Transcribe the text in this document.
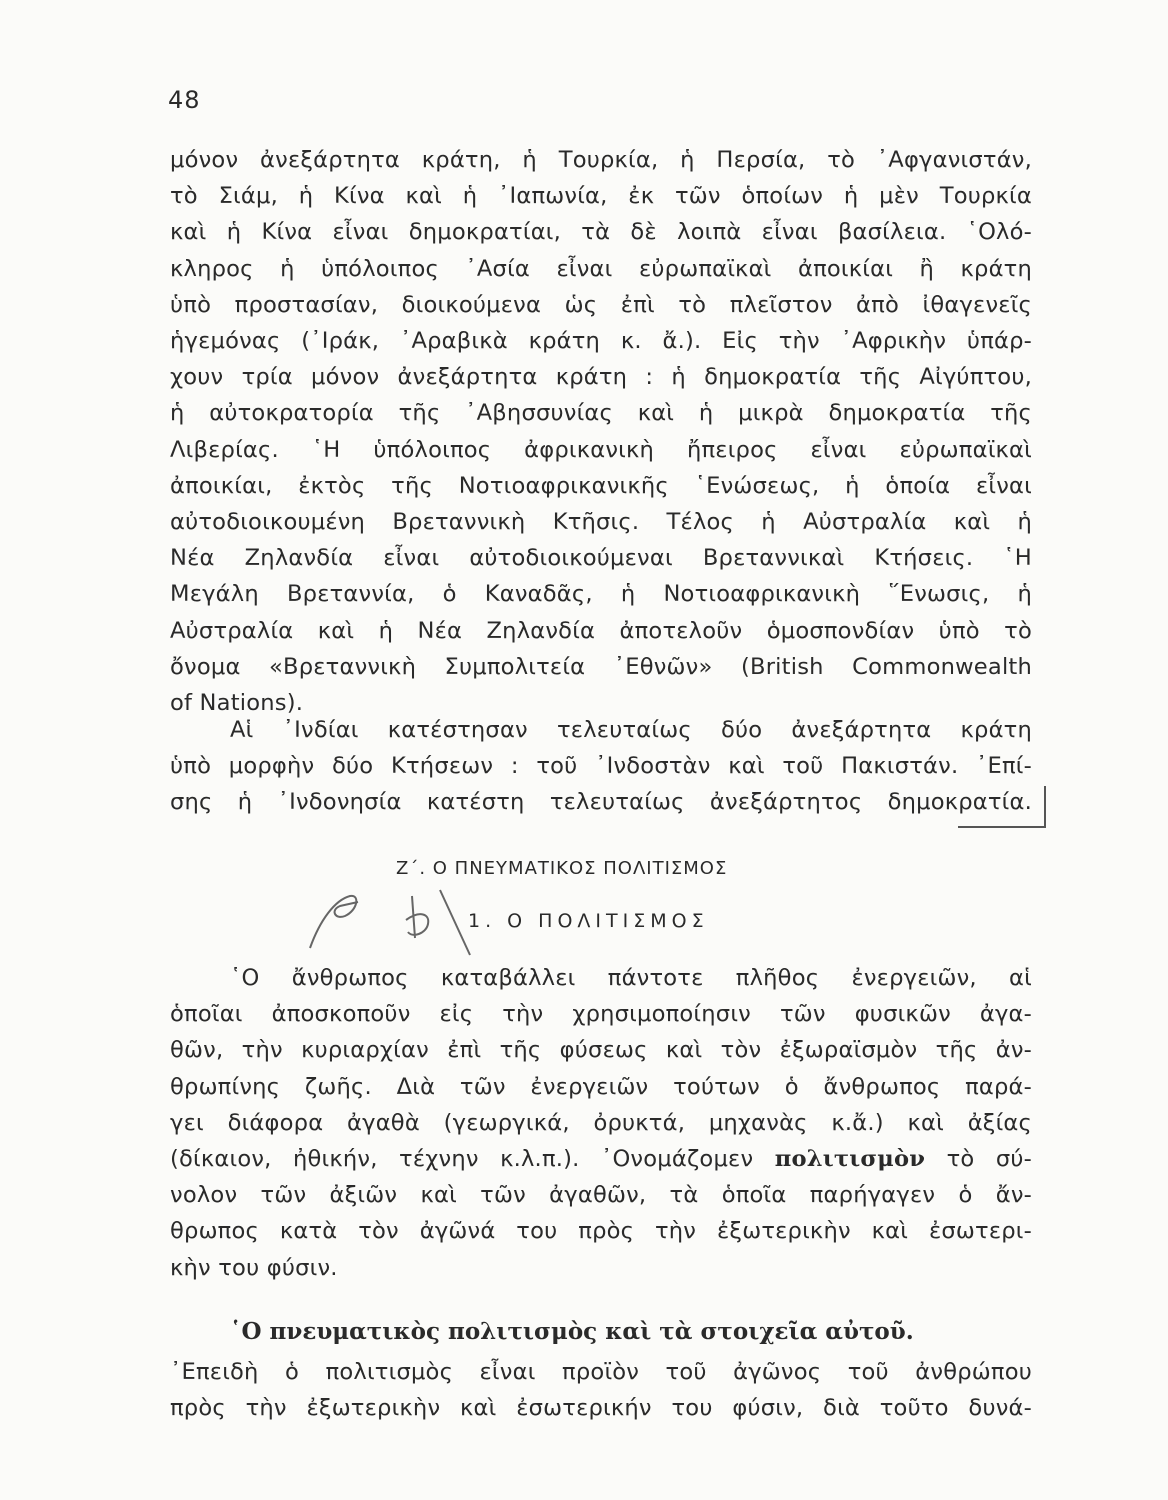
48

μόνον ἀνεξάρτητα κράτη, ἡ Τουρκία, ἡ Περσία, τὸ ᾿Αφγανιστάν,
τὸ Σιάμ, ἡ Κίνα καὶ ἡ ᾿Ιαπωνία, ἐκ τῶν ὁποίων ἡ μὲν Τουρκία
καὶ ἡ Κίνα εἶναι δημοκρατίαι, τὰ δὲ λοιπὰ εἶναι βασίλεια. ῾Ολό-
κληρος ἡ ὑπόλοιπος ᾿Ασία εἶναι εὐρωπαϊκαὶ ἀποικίαι ἢ κράτη
ὑπὸ προστασίαν, διοικούμενα ὡς ἐπὶ τὸ πλεῖστον ἀπὸ ἰθαγενεῖς
ἡγεμόνας (᾿Ιράκ, ᾿Αραβικὰ κράτη κ. ἄ.). Εἰς τὴν ᾿Αφρικὴν ὑπάρ-
χουν τρία μόνον ἀνεξάρτητα κράτη : ἡ δημοκρατία τῆς Αἰγύπτου,
ἡ αὐτοκρατορία τῆς ᾿Αβησσυνίας καὶ ἡ μικρὰ δημοκρατία τῆς
Λιβερίας. ῾Η ὑπόλοιπος ἀφρικανικὴ ἤπειρος εἶναι εὐρωπαϊκαὶ
ἀποικίαι, ἐκτὸς τῆς Νοτιοαφρικανικῆς ῾Ενώσεως, ἡ ὁποία εἶναι
αὐτοδιοικουμένη Βρεταννικὴ Κτῆσις. Τέλος ἡ Αὐστραλία καὶ ἡ
Νέα Ζηλανδία εἶναι αὐτοδιοικούμεναι Βρεταννικαὶ Κτήσεις. ῾Η
Μεγάλη Βρεταννία, ὁ Καναδᾶς, ἡ Νοτιοαφρικανικὴ ῞Ενωσις, ἡ
Αὐστραλία καὶ ἡ Νέα Ζηλανδία ἀποτελοῦν ὁμοσπονδίαν ὑπὸ τὸ
ὄνομα «Βρεταννικὴ Συμπολιτεία ᾿Εθνῶν» (British Commonwealth
of Nations).

Αἱ ᾿Ινδίαι κατέστησαν τελευταίως δύο ἀνεξάρτητα κράτη
ὑπὸ μορφὴν δύο Κτήσεων : τοῦ ᾿Ινδοστὰν καὶ τοῦ Πακιστάν. ᾿Επί-
σης ἡ ᾿Ινδονησία κατέστη τελευταίως ἀνεξάρτητος δημοκρατία.

Ζ΄. Ο ΠΝΕΥΜΑΤΙΚΟΣ ΠΟΛΙΤΙΣΜΟΣ
1. Ο ΠΟΛΙΤΙΣΜΟΣ

῾Ο ἄνθρωπος καταβάλλει πάντοτε πλῆθος ἐνεργειῶν, αἱ
ὁποῖαι ἀποσκοποῦν εἰς τὴν χρησιμοποίησιν τῶν φυσικῶν ἀγα-
θῶν, τὴν κυριαρχίαν ἐπὶ τῆς φύσεως καὶ τὸν ἐξωραϊσμὸν τῆς ἀν-
θρωπίνης ζωῆς. Διὰ τῶν ἐνεργειῶν τούτων ὁ ἄνθρωπος παρά-
γει διάφορα ἀγαθὰ (γεωργικά, ὀρυκτά, μηχανὰς κ.ἄ.) καὶ ἀξίας
(δίκαιον, ἠθικήν, τέχνην κ.λ.π.). ᾿Ονομάζομεν πολιτισμὸν τὸ σύ-
νολον τῶν ἀξιῶν καὶ τῶν ἀγαθῶν, τὰ ὁποῖα παρήγαγεν ὁ ἄν-
θρωπος κατὰ τὸν ἀγῶνά του πρὸς τὴν ἐξωτερικὴν καὶ ἐσωτερι-
κὴν του φύσιν.

῾Ο πνευματικὸς πολιτισμὸς καὶ τὰ στοιχεῖα αὐτοῦ.

᾿Επειδὴ ὁ πολιτισμὸς εἶναι προϊὸν τοῦ ἀγῶνος τοῦ ἀνθρώπου
πρὸς τὴν ἐξωτερικὴν καὶ ἐσωτερικήν του φύσιν, διὰ τοῦτο δυνά-
